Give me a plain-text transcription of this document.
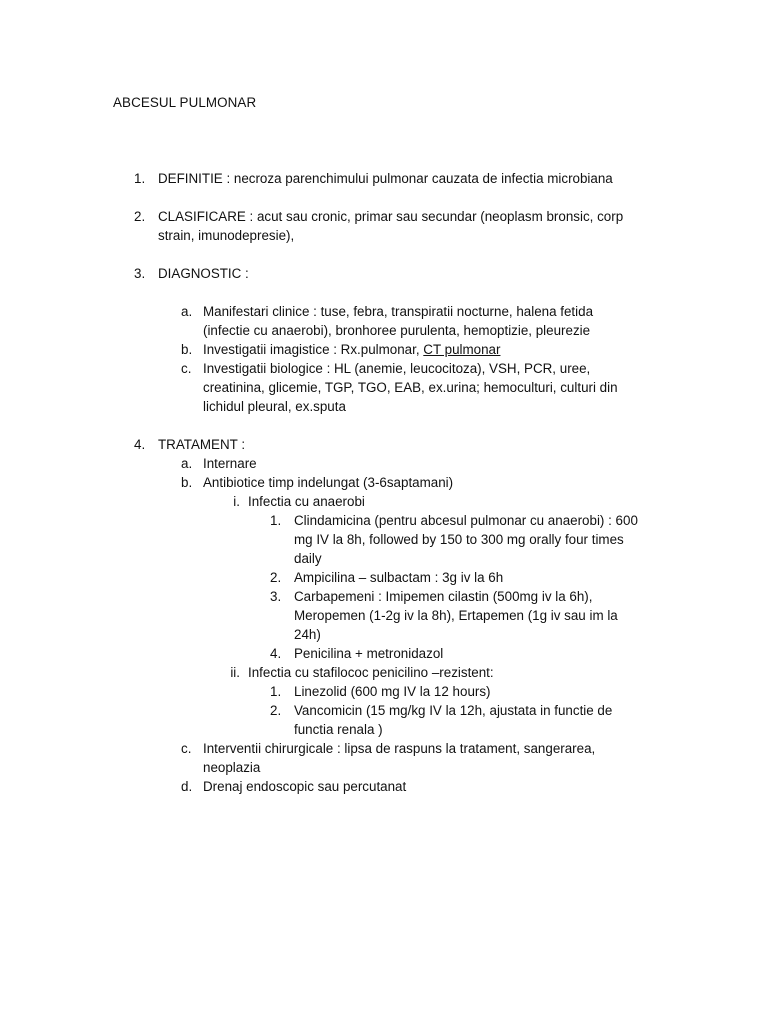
ABCESUL PULMONAR
1. DEFINITIE : necroza parenchimului pulmonar cauzata de infectia microbiana
2. CLASIFICARE : acut sau cronic, primar sau secundar (neoplasm bronsic, corp
strain, imunodepresie),
3. DIAGNOSTIC :
a. Manifestari clinice : tuse, febra, transpiratii nocturne, halena fetida
(infectie cu anaerobi), bronhoree purulenta, hemoptizie, pleurezie
b. Investigatii imagistice : Rx.pulmonar, CT pulmonar
c. Investigatii biologice : HL (anemie, leucocitoza), VSH, PCR, uree,
creatinina, glicemie, TGP, TGO, EAB, ex.urina; hemoculturi, culturi din
lichidul pleural, ex.sputa
4. TRATAMENT :
a. Internare
b. Antibiotice timp indelungat (3-6saptamani)
i. Infectia cu anaerobi
1. Clindamicina (pentru abcesul pulmonar cu anaerobi) : 600
mg IV la 8h, followed by 150 to 300 mg orally four times
daily
2. Ampicilina – sulbactam : 3g iv la 6h
3. Carbapemeni : Imipemen cilastin (500mg iv la 6h),
Meropemen (1-2g iv la 8h), Ertapemen (1g iv sau im la
24h)
4. Penicilina + metronidazol
ii. Infectia cu stafilococ penicilino –rezistent:
1. Linezolid (600 mg IV la 12 hours)
2. Vancomicin (15 mg/kg IV la 12h, ajustata in functie de
functia renala )
c. Interventii chirurgicale : lipsa de raspuns la tratament, sangerarea,
neoplazia
d. Drenaj endoscopic sau percutanat
